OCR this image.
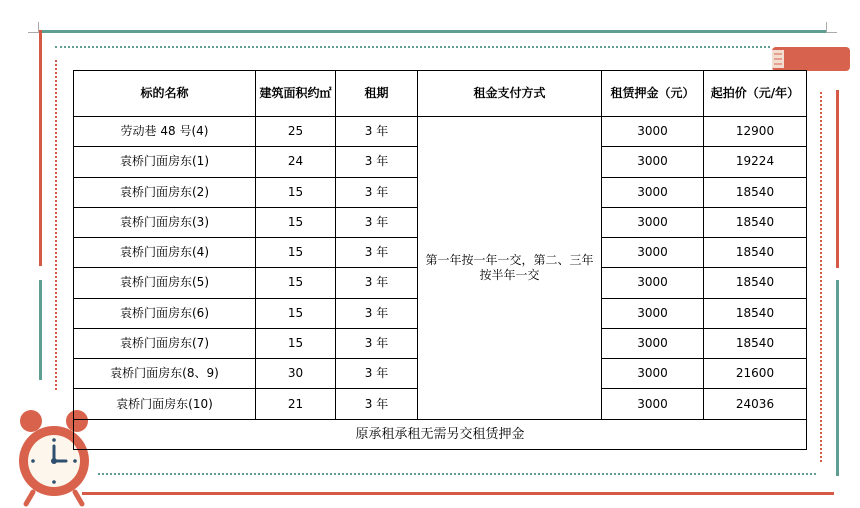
标的名称	建筑面积约㎡	租期	租金支付方式	租赁押金（元）	起拍价（元/年）
劳动巷 48 号(4)	25	3 年	第一年按一年一交，第二、三年按半年一交	3000	12900
袁桥门面房东(1)	24	3 年		3000	19224
袁桥门面房东(2)	15	3 年		3000	18540
袁桥门面房东(3)	15	3 年		3000	18540
袁桥门面房东(4)	15	3 年		3000	18540
袁桥门面房东(5)	15	3 年		3000	18540
袁桥门面房东(6)	15	3 年		3000	18540
袁桥门面房东(7)	15	3 年		3000	18540
袁桥门面房东(8、9)	30	3 年		3000	21600
袁桥门面房东(10)	21	3 年		3000	24036
原承租承租无需另交租赁押金					
